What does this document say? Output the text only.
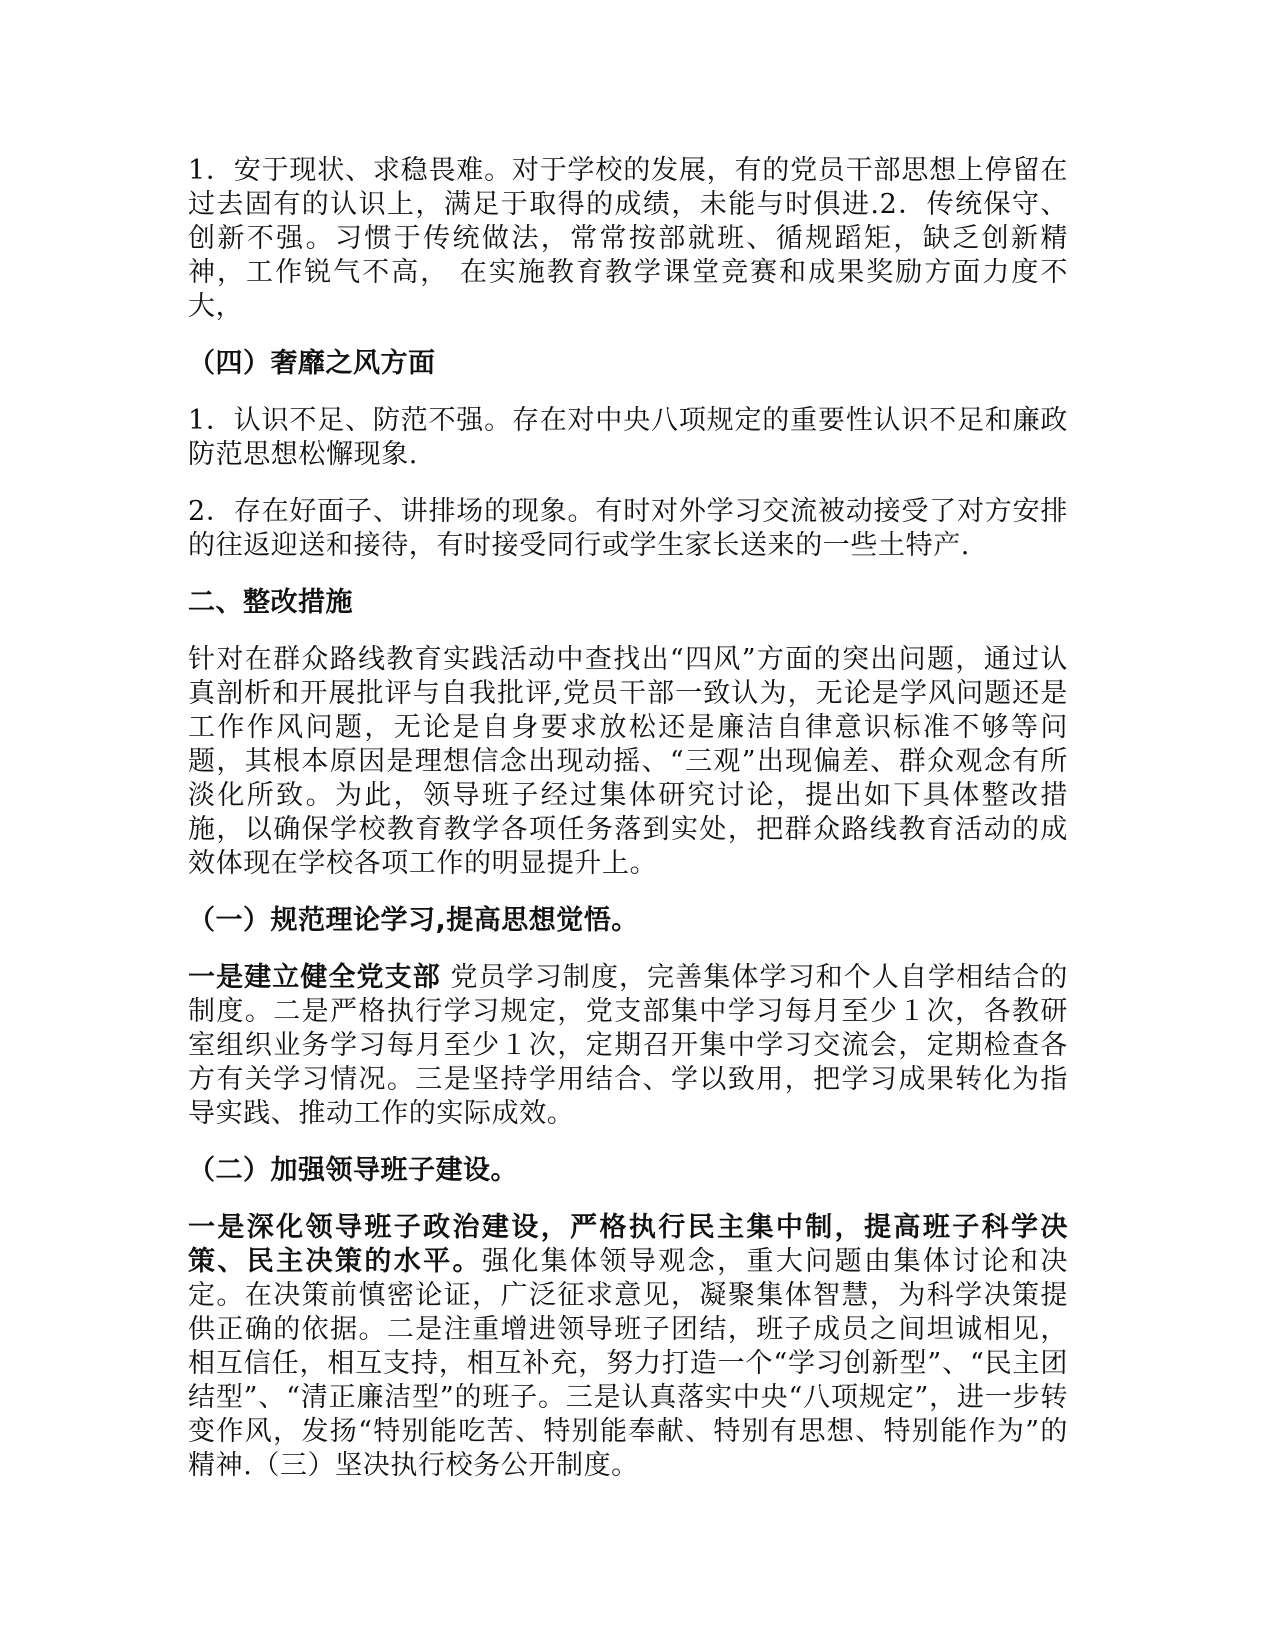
1．安于现状、求稳畏难。对于学校的发展，有的党员干部思想上停留在过去固有的认识上，满足于取得的成绩，未能与时俱进.2．传统保守、创新不强。习惯于传统做法，常常按部就班、循规蹈矩，缺乏创新精神，工作锐气不高， 在实施教育教学课堂竞赛和成果奖励方面力度不大，

（四）奢靡之风方面

1．认识不足、防范不强。存在对中央八项规定的重要性认识不足和廉政防范思想松懈现象.

2．存在好面子、讲排场的现象。有时对外学习交流被动接受了对方安排的往返迎送和接待，有时接受同行或学生家长送来的一些土特产.

二、整改措施

针对在群众路线教育实践活动中查找出“四风”方面的突出问题，通过认真剖析和开展批评与自我批评,党员干部一致认为，无论是学风问题还是工作作风问题，无论是自身要求放松还是廉洁自律意识标准不够等问题，其根本原因是理想信念出现动摇、“三观”出现偏差、群众观念有所淡化所致。为此，领导班子经过集体研究讨论，提出如下具体整改措施，以确保学校教育教学各项任务落到实处，把群众路线教育活动的成效体现在学校各项工作的明显提升上。

（一）规范理论学习,提高思想觉悟。

一是建立健全党支部 党员学习制度，完善集体学习和个人自学相结合的制度。二是严格执行学习规定，党支部集中学习每月至少１次，各教研室组织业务学习每月至少１次，定期召开集中学习交流会，定期检查各方有关学习情况。三是坚持学用结合、学以致用，把学习成果转化为指导实践、推动工作的实际成效。

（二）加强领导班子建设。

一是深化领导班子政治建设，严格执行民主集中制，提高班子科学决策、民主决策的水平。强化集体领导观念，重大问题由集体讨论和决定。在决策前慎密论证，广泛征求意见，凝聚集体智慧，为科学决策提供正确的依据。二是注重增进领导班子团结，班子成员之间坦诚相见，相互信任，相互支持，相互补充，努力打造一个“学习创新型”、“民主团结型”、“清正廉洁型”的班子。三是认真落实中央“八项规定”，进一步转变作风，发扬“特别能吃苦、特别能奉献、特别有思想、特别能作为”的 精神.（三）坚决执行校务公开制度。
